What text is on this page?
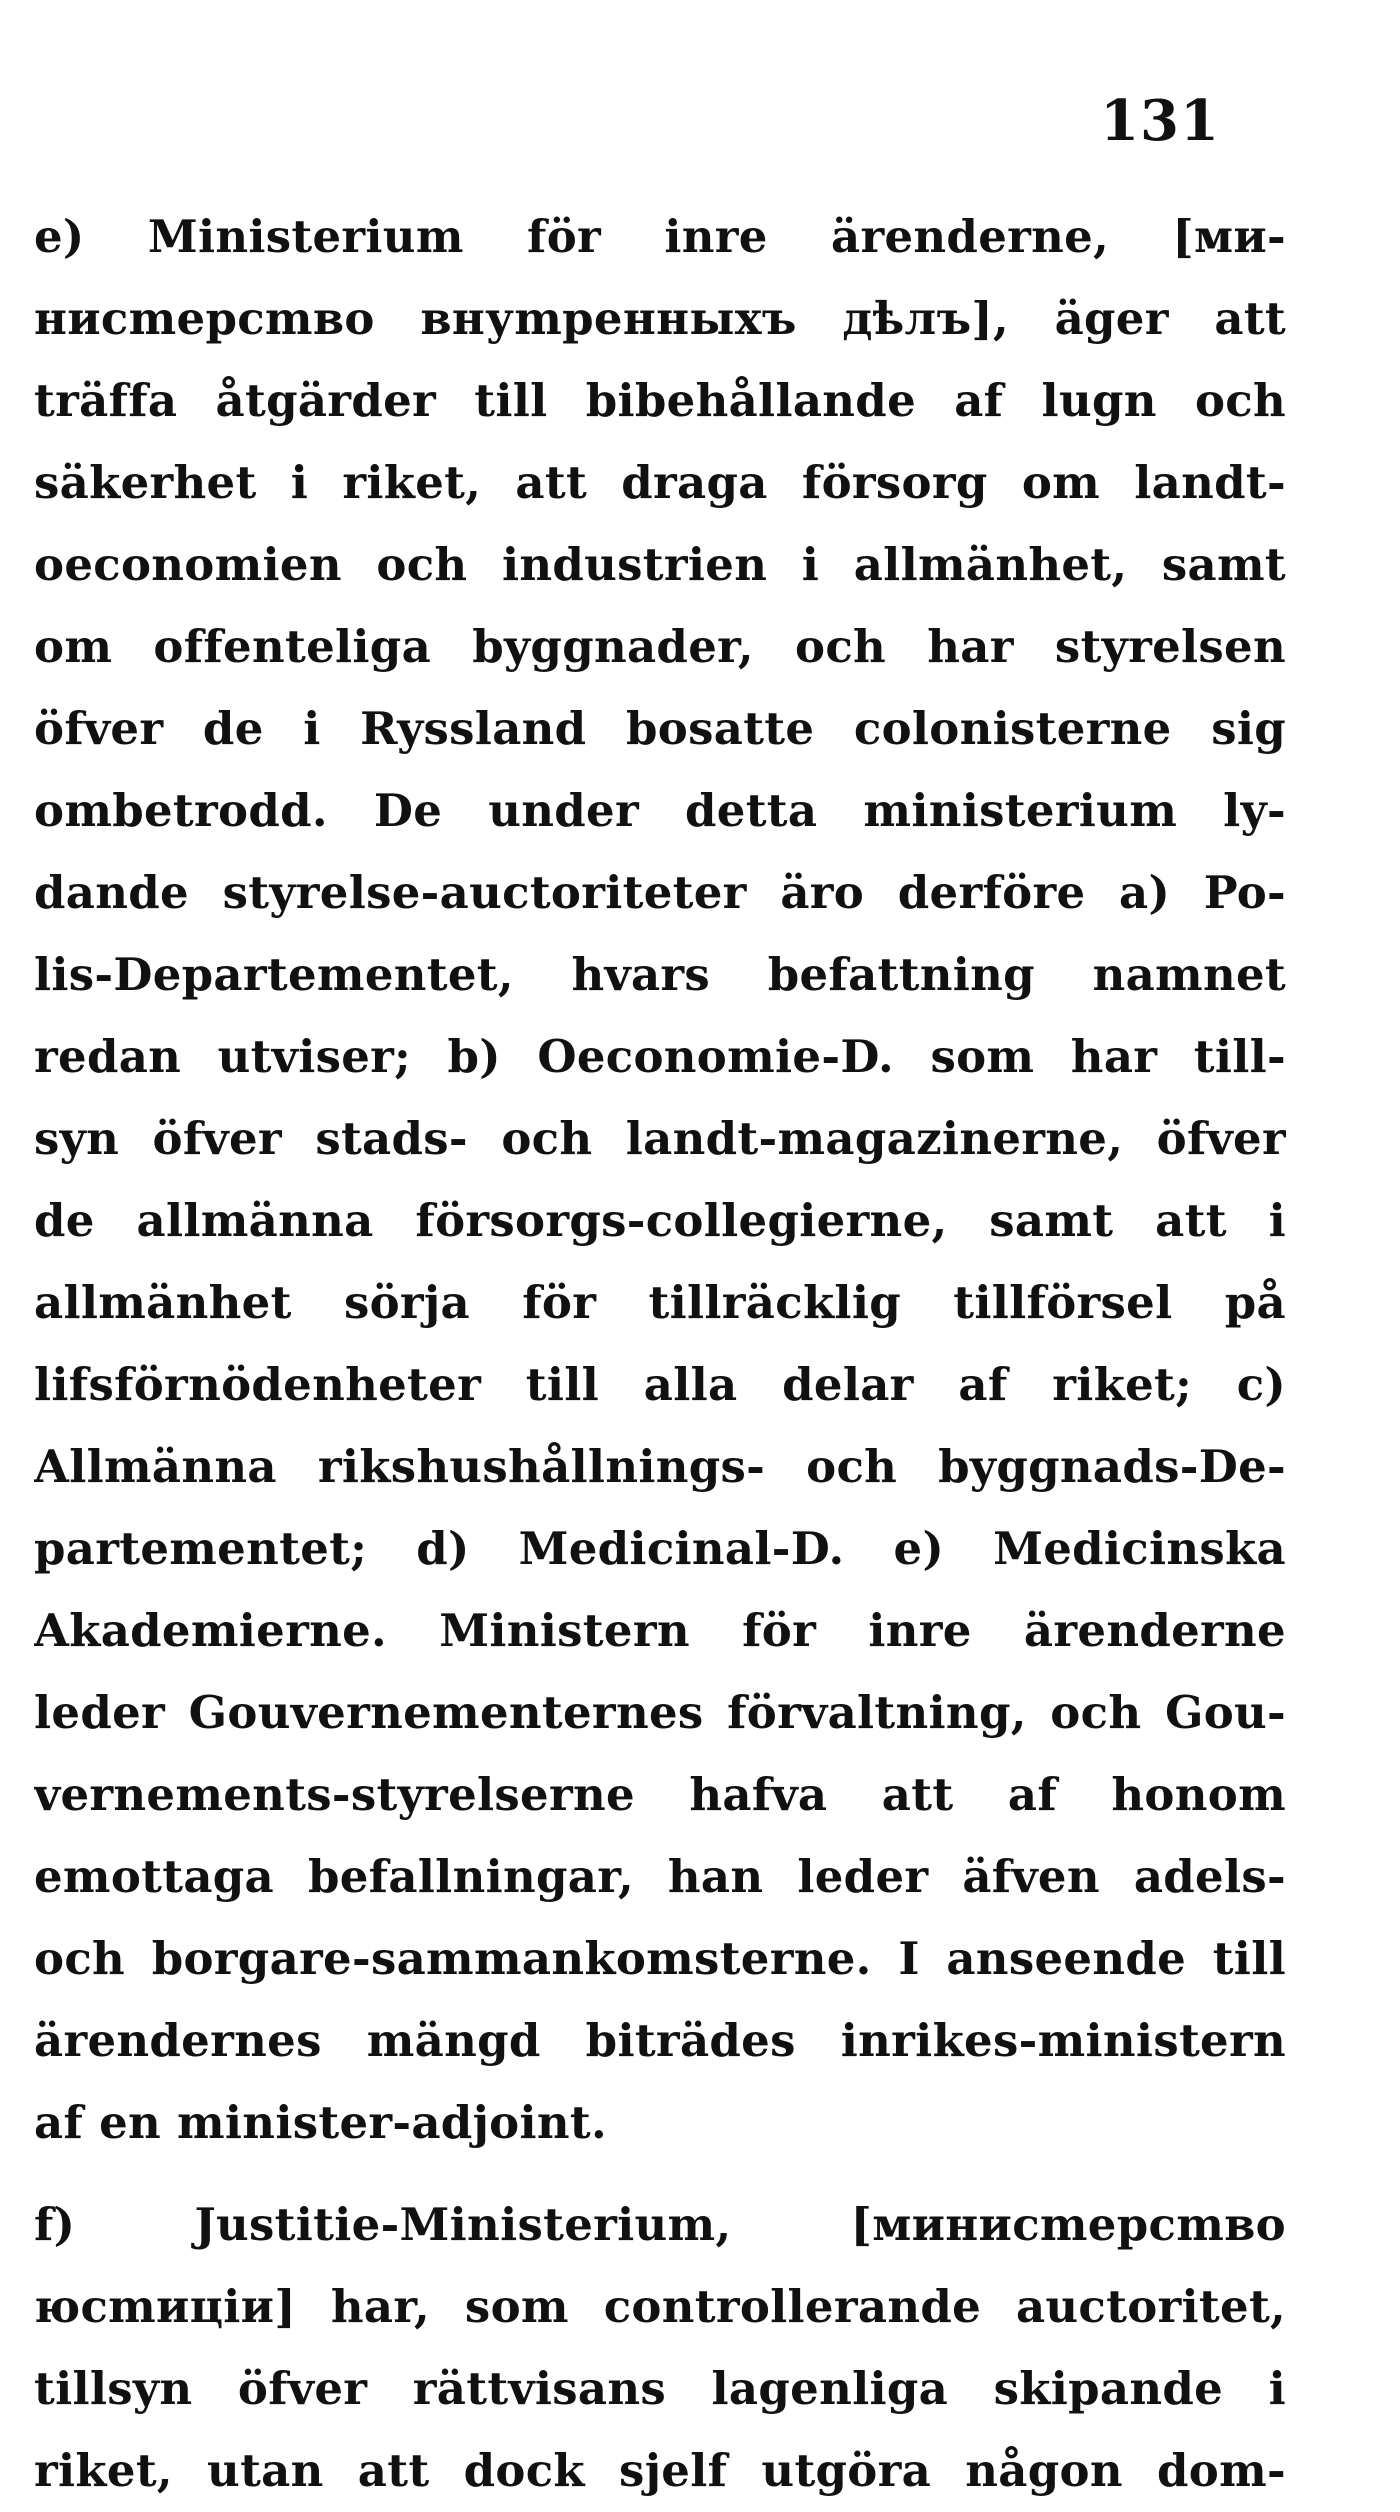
131
e) Ministerium för inre ärenderne, [ми-
нисmерсmво внуmренныхъ дѣлъ], äger att
träffa åtgärder till bibehållande af lugn och
säkerhet i riket, att draga försorg om landt-
oeconomien och industrien i allmänhet, samt
om offenteliga byggnader, och har styrelsen
öfver de i Ryssland bosatte colonisterne sig
ombetrodd. De under detta ministerium ly-
dande styrelse-auctoriteter äro derföre a) Po-
lis-Departementet, hvars befattning namnet
redan utviser; b) Oeconomie-D. som har till-
syn öfver stads- och landt-magazinerne, öfver
de allmänna försorgs-collegierne, samt att i
allmänhet sörja för tillräcklig tillförsel på
lifsförnödenheter till alla delar af riket; c)
Allmänna rikshushållnings- och byggnads-De-
partementet; d) Medicinal-D. e) Medicinska
Akademierne. Ministern för inre ärenderne
leder Gouvernementernes förvaltning, och Gou-
vernements-styrelserne hafva att af honom
emottaga befallningar, han leder äfven adels-
och borgare-sammankomsterne. I anseende till
ärendernes mängd biträdes inrikes-ministern
af en minister-adjoint.
f) Justitie-Ministerium, [минисmерсmво
юсmицiи] har, som controllerande auctoritet,
tillsyn öfver rättvisans lagenliga skipande i
riket, utan att dock sjelf utgöra någon dom-
